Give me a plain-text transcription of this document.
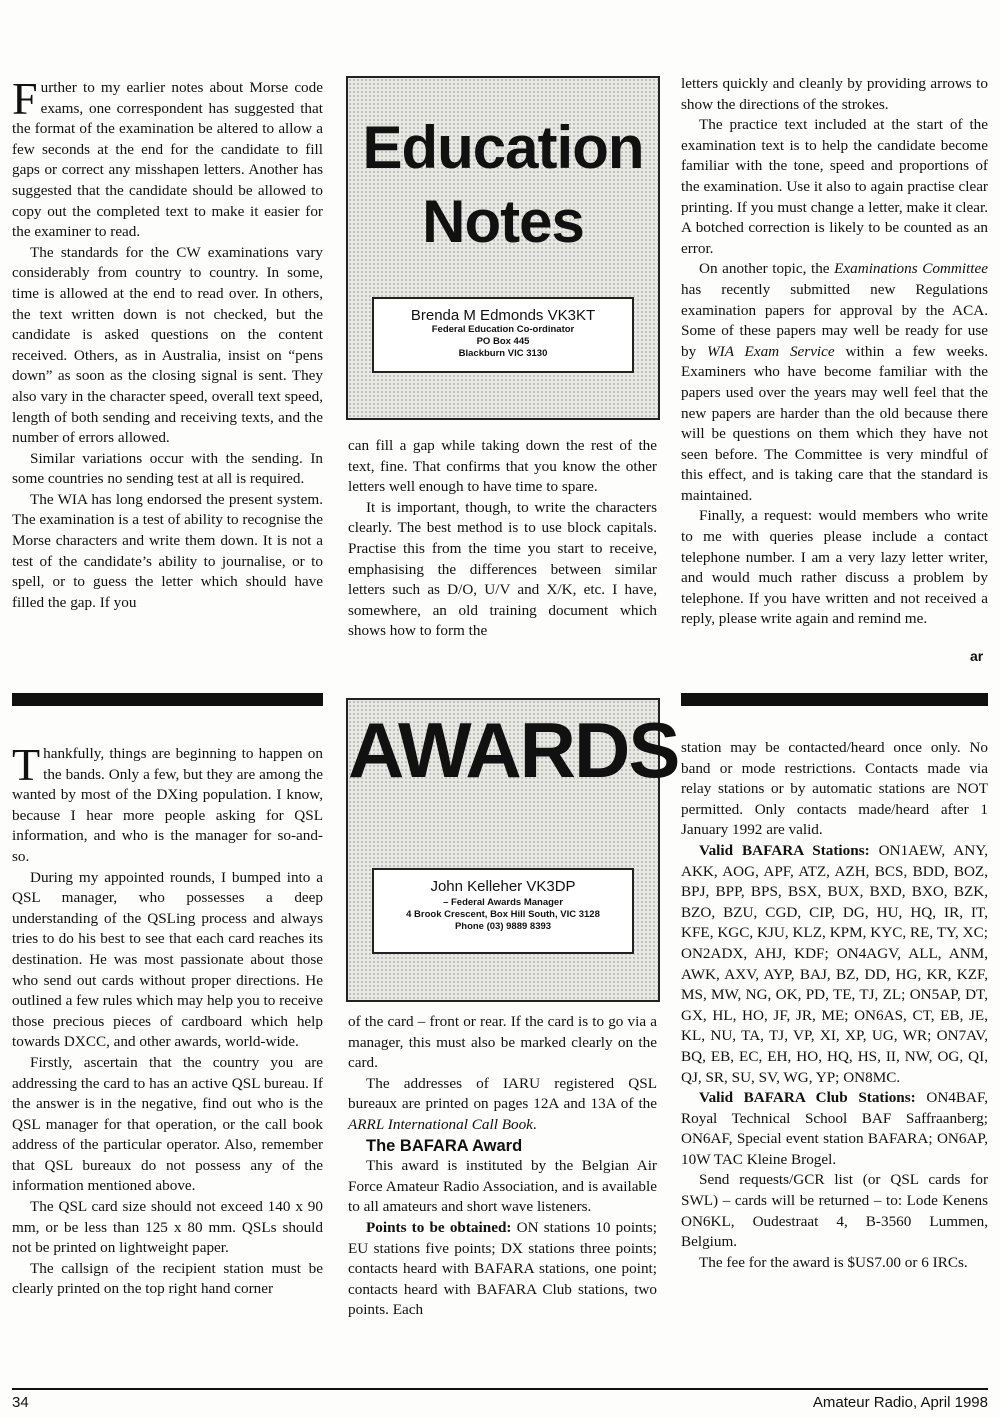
Further to my earlier notes about Morse code exams, one correspondent has suggested that the format of the examination be altered to allow a few seconds at the end for the candidate to fill gaps or correct any misshapen letters. Another has suggested that the candidate should be allowed to copy out the completed text to make it easier for the examiner to read.

The standards for the CW examinations vary considerably from country to country. In some, time is allowed at the end to read over. In others, the text written down is not checked, but the candidate is asked questions on the content received. Others, as in Australia, insist on “pens down” as soon as the closing signal is sent. They also vary in the character speed, overall text speed, length of both sending and receiving texts, and the number of errors allowed.

Similar variations occur with the sending. In some countries no sending test at all is required.

The WIA has long endorsed the present system. The examination is a test of ability to recognise the Morse characters and write them down. It is not a test of the candidate’s ability to journalise, or to spell, or to guess the letter which should have filled the gap. If you

Education
Notes
Brenda M Edmonds VK3KT
Federal Education Co-ordinator
PO Box 445
Blackburn VIC 3130

can fill a gap while taking down the rest of the text, fine. That confirms that you know the other letters well enough to have time to spare.

It is important, though, to write the characters clearly. The best method is to use block capitals. Practise this from the time you start to receive, emphasising the differences between similar letters such as D/O, U/V and X/K, etc. I have, somewhere, an old training document which shows how to form the

letters quickly and cleanly by providing arrows to show the directions of the strokes.

The practice text included at the start of the examination text is to help the candidate become familiar with the tone, speed and proportions of the examination. Use it also to again practise clear printing. If you must change a letter, make it clear. A botched correction is likely to be counted as an error.

On another topic, the Examinations Committee has recently submitted new Regulations examination papers for approval by the ACA. Some of these papers may well be ready for use by WIA Exam Service within a few weeks. Examiners who have become familiar with the papers used over the years may well feel that the new papers are harder than the old because there will be questions on them which they have not seen before. The Committee is very mindful of this effect, and is taking care that the standard is maintained.

Finally, a request: would members who write to me with queries please include a contact telephone number. I am a very lazy letter writer, and would much rather discuss a problem by telephone. If you have written and not received a reply, please write again and remind me.

ar

Thankfully, things are beginning to happen on the bands. Only a few, but they are among the wanted by most of the DXing population. I know, because I hear more people asking for QSL information, and who is the manager for so-and-so.

During my appointed rounds, I bumped into a QSL manager, who possesses a deep understanding of the QSLing process and always tries to do his best to see that each card reaches its destination. He was most passionate about those who send out cards without proper directions. He outlined a few rules which may help you to receive those precious pieces of cardboard which help towards DXCC, and other awards, world-wide.

Firstly, ascertain that the country you are addressing the card to has an active QSL bureau. If the answer is in the negative, find out who is the QSL manager for that operation, or the call book address of the particular operator. Also, remember that QSL bureaux do not possess any of the information mentioned above.

The QSL card size should not exceed 140 x 90 mm, or be less than 125 x 80 mm. QSLs should not be printed on lightweight paper.

The callsign of the recipient station must be clearly printed on the top right hand corner

AWARDS
John Kelleher VK3DP
– Federal Awards Manager
4 Brook Crescent, Box Hill South, VIC 3128
Phone (03) 9889 8393

of the card – front or rear. If the card is to go via a manager, this must also be marked clearly on the card.

The addresses of IARU registered QSL bureaux are printed on pages 12A and 13A of the ARRL International Call Book.

The BAFARA Award

This award is instituted by the Belgian Air Force Amateur Radio Association, and is available to all amateurs and short wave listeners.

Points to be obtained: ON stations 10 points; EU stations five points; DX stations three points; contacts heard with BAFARA stations, one point; contacts heard with BAFARA Club stations, two points. Each

station may be contacted/heard once only. No band or mode restrictions. Contacts made via relay stations or by automatic stations are NOT permitted. Only contacts made/heard after 1 January 1992 are valid.

Valid BAFARA Stations: ON1AEW, ANY, AKK, AOG, APF, ATZ, AZH, BCS, BDD, BOZ, BPJ, BPP, BPS, BSX, BUX, BXD, BXO, BZK, BZO, BZU, CGD, CIP, DG, HU, HQ, IR, IT, KFE, KGC, KJU, KLZ, KPM, KYC, RE, TY, XC; ON2ADX, AHJ, KDF; ON4AGV, ALL, ANM, AWK, AXV, AYP, BAJ, BZ, DD, HG, KR, KZF, MS, MW, NG, OK, PD, TE, TJ, ZL; ON5AP, DT, GX, HL, HO, JF, JR, ME; ON6AS, CT, EB, JE, KL, NU, TA, TJ, VP, XI, XP, UG, WR; ON7AV, BQ, EB, EC, EH, HO, HQ, HS, II, NW, OG, QI, QJ, SR, SU, SV, WG, YP; ON8MC.

Valid BAFARA Club Stations: ON4BAF, Royal Technical School BAF Saffraanberg; ON6AF, Special event station BAFARA; ON6AP, 10W TAC Kleine Brogel.

Send requests/GCR list (or QSL cards for SWL) – cards will be returned – to: Lode Kenens ON6KL, Oudestraat 4, B-3560 Lummen, Belgium.

The fee for the award is $US7.00 or 6 IRCs.

34	Amateur Radio, April 1998
